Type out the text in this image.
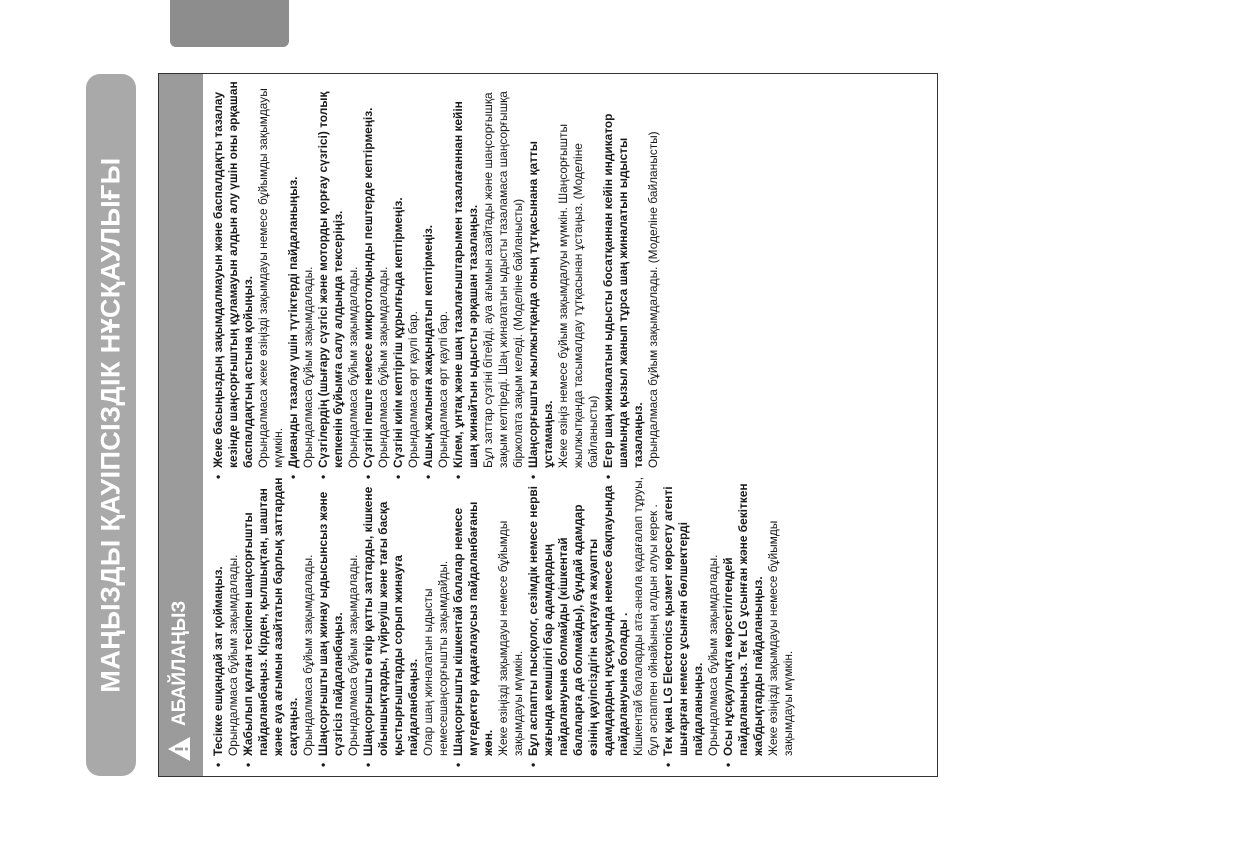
МАҢЫЗДЫ ҚАУІПСІЗДІК НҰСҚАУЛЫҒЫ АБАЙЛАҢЫЗ • Тесікке ешқандай зат қоймаңыз. Орындалмаса бұйым зақымдалады. • Жабылып қалған тесікпен шаңсорғышты пайдаланбаңыз. Кірден, қылшықтан, шаштан және ауа ағымын азайтатын барлық заттардан сақтаңыз. Орындалмаса бұйым зақымдалады. • Шаңсорғышты шаң жинау ыдысынсыз және сүзгісіз пайдаланбаңыз. Орындалмаса бұйым зақымдалады. • Шаңсорғышты өткір қатты заттарды, кішкене ойыншықтарды, түйреуіш және тағы басқа қыстырғыштарды сорып жинауға пайдаланбаңыз. Олар шаң жиналатын ыдысты немесешаңсорғышты зақымдайды. • Шаңсорғышты кішкентай балалар немесе мүгедектер қадағалаусыз пайдаланбағаны жөн. Жеке өзіңізді зақымдауы немесе бұйымды зақымдауы мүмкін. • Бұл аспапты пысқолог, сезімдік немесе нерві жағында кемшілігі бар адамдардың пайдалануына болмайды (кішкентай балаларға да болмайды), бұндай адамдар өзінің қауіпсіздігін сақтауға жауапты адамдардың нұсқауында немесе бақпауында пайдалануына болады . Кішкентай балаларды ата-анала қадағалап тұруы, бұл әспаппен ойнайының алдын алуы керек . • Тек қана LG Electronics қызмет көрсету агенті шығарған немесе ұсынған бөлшектерді пайдаланыңыз. Орындалмаса бұйым зақымдалады. • Осы нұсқаулықта көрсетілгендей пайдаланыңыз. Тек LG ұсынған және бекіткен жабдықтарды пайдаланыңыз. Жеке өзіңізді зақымдауы немесе бұйымды зақымдауы мүмкін.
• Жеке басыңыздың зақымдалмауын және баспалдақты тазалау кезінде шаңсорғыштың құламауын алдын алу үшін оны әрқашан баспалдақтың астына қойыңыз. Орындалмаса жеке өзіңізді зақымдауы немесе бұйымды зақымдауы мүмкін. • Диванды тазалау үшін түтіктерді пайдаланыңыз. Орындалмаса бұйым зақымдалады. • Сүзгілердің (шығару сүзгісі және моторды қорғау сүзгісі) толық кепкенін бұйымға салу алдында тексеріңіз. Орындалмаса бұйым зақымдалады. • Сүзгіні пеште немесе микротолқынды пештерде кептірмеңіз. Орындалмаса бұйым зақымдалады. • Сүзгіні киім кептіргіш құрылғыда кептірмеңіз. Орындалмаса өрт қаупі бар. • Ашық жалынға жақындатып кептірмеңіз. Орындалмаса өрт қаупі бар. • Кілем, ұнтақ және шаң тазалағыштарымен тазалағаннан кейін шаң жинайтын ыдысты әрқашан тазалаңыз. Бұл заттар сүзгіні бітейді, ауа ағымын азайтады және шаңсорғышқа зақым келтіреді. Шаң жиналатын ыдысты тазаламаса шаңсорғышқа біржолата зақым келеді. (Моделіне байланысты) • Шаңсорғышты жылжытқанда оның тұтқасынана қатты ұстамаңыз. Жеке өзіңіз немесе бұйым зақымдалуы мүмкін. Шаңсорғышты жылжытқанда тасымалдау тұтқасынан ұстаңыз. (Моделіне байланысты) • Егер шаң жиналатын ыдысты босатқаннан кейін индикатор шамында қызыл жанып тұрса шаң жиналатын ыдысты тазалаңыз. Орындалмаса бұйым зақымдалады. (Моделіне байланысты)
